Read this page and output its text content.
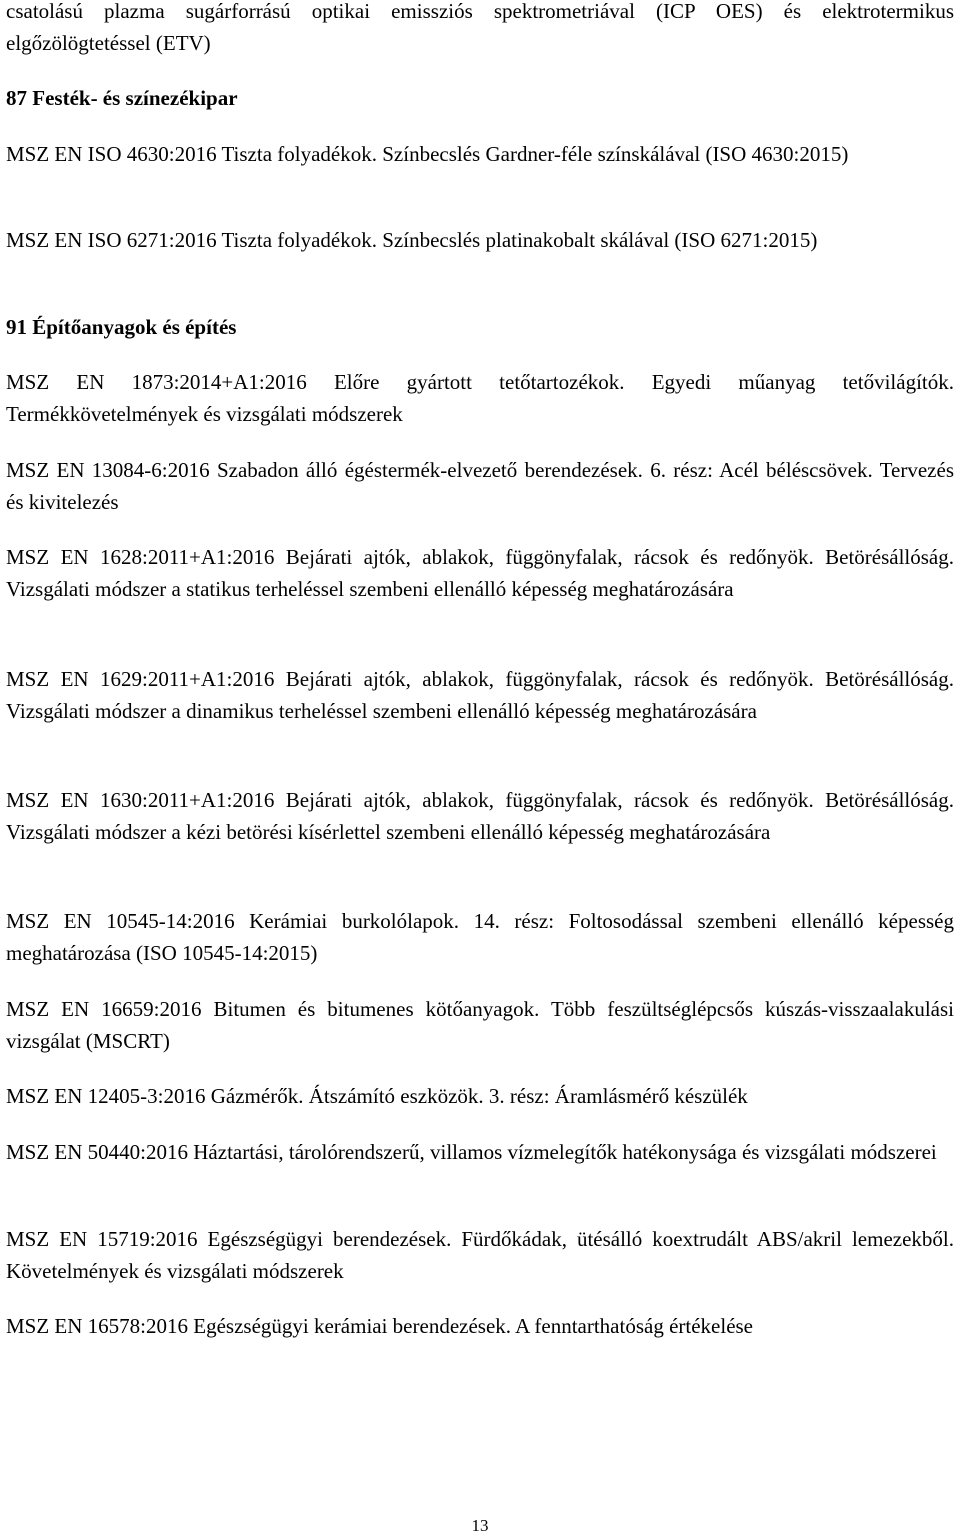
csatolású plazma sugárforrású optikai emissziós spektrometriával (ICP OES) és elektrotermikus elgőzölögtetéssel (ETV)

87 Festék- és színezékipar

MSZ EN ISO 4630:2016 Tiszta folyadékok. Színbecslés Gardner-féle színskálával (ISO 4630:2015)

MSZ EN ISO 6271:2016 Tiszta folyadékok. Színbecslés platinakobalt skálával (ISO 6271:2015)

91 Építőanyagok és építés

MSZ EN 1873:2014+A1:2016 Előre gyártott tetőtartozékok. Egyedi műanyag tetővilágítók. Termékkövetelmények és vizsgálati módszerek

MSZ EN 13084-6:2016 Szabadon álló égéstermék-elvezető berendezések. 6. rész: Acél béléscsövek. Tervezés és kivitelezés

MSZ EN 1628:2011+A1:2016 Bejárati ajtók, ablakok, függönyfalak, rácsok és redőnyök. Betörésállóság. Vizsgálati módszer a statikus terheléssel szembeni ellenálló képesség meghatározására

MSZ EN 1629:2011+A1:2016 Bejárati ajtók, ablakok, függönyfalak, rácsok és redőnyök. Betörésállóság. Vizsgálati módszer a dinamikus terheléssel szembeni ellenálló képesség meghatározására

MSZ EN 1630:2011+A1:2016 Bejárati ajtók, ablakok, függönyfalak, rácsok és redőnyök. Betörésállóság. Vizsgálati módszer a kézi betörési kísérlettel szembeni ellenálló képesség meghatározására

MSZ EN 10545-14:2016 Kerámiai burkolólapok. 14. rész: Foltosodással szembeni ellenálló képesség meghatározása (ISO 10545-14:2015)

MSZ EN 16659:2016 Bitumen és bitumenes kötőanyagok. Több feszültséglépcsős kúszás-visszaalakulási vizsgálat (MSCRT)

MSZ EN 12405-3:2016 Gázmérők. Átszámító eszközök. 3. rész: Áramlásmérő készülék

MSZ EN 50440:2016 Háztartási, tárolórendszerű, villamos vízmelegítők hatékonysága és vizsgálati módszerei

MSZ EN 15719:2016 Egészségügyi berendezések. Fürdőkádak, ütésálló koextrudált ABS/akril lemezekből. Követelmények és vizsgálati módszerek

MSZ EN 16578:2016 Egészségügyi kerámiai berendezések. A fenntarthatóság értékelése

13
